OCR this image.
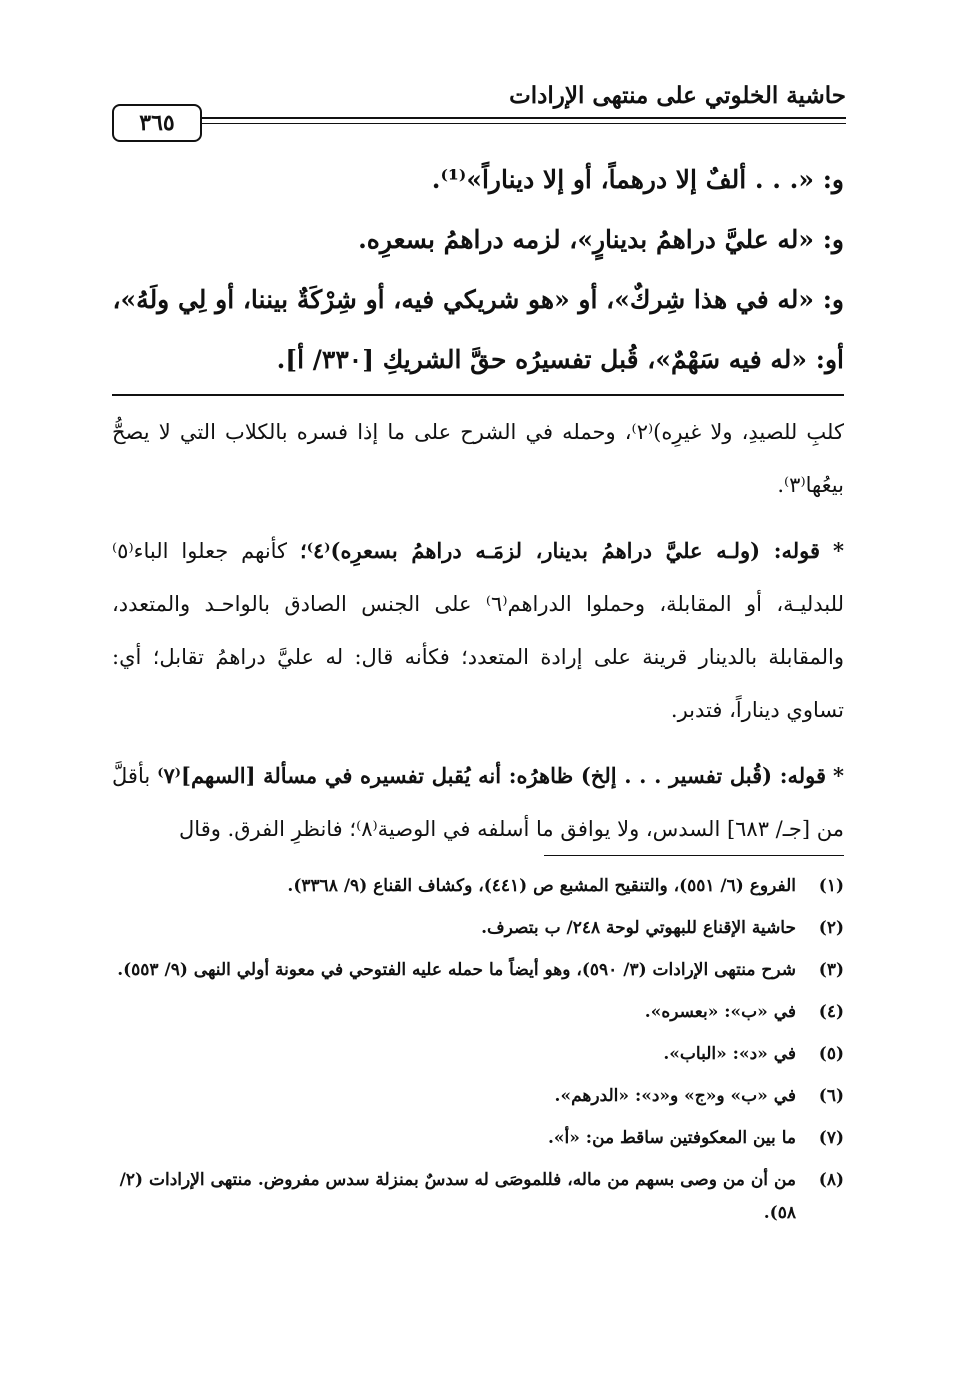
حاشية الخلوتي على منتهى الإرادات
٣٦٥

و: «. . . ألفٌ إلا درهماً، أو إلا ديناراً»⁽¹⁾.

و: «له عليَّ دراهمُ بدينارٍ»، لزمه دراهمُ بسعرِه.

و: «له في هذا شِركٌ»، أو «هو شريكي فيه، أو شِرْكَةٌ بيننا، أو لِي ولَهُ»، أو: «له فيه سَهْمٌ»، قُبل تفسيرُه حقَّ الشريكِ [٣٣٠/ أ].

كلبِ للصيدِ، ولا غيرِه)⁽٢⁾، وحمله في الشرح على ما إذا فسره بالكلاب التي لا يصحُّ بيعُها⁽٣⁾.

* قوله: (ولـه عليَّ دراهمُ بدينار، لزمَـه دراهمُ بسعرِه)⁽٤⁾؛ كأنهم جعلوا الباء⁽٥⁾ للبدليـة، أو المقابلة، وحملوا الدراهم⁽٦⁾ على الجنس الصادق بالواحـد والمتعدد، والمقابلة بالدينار قرينة على إرادة المتعدد؛ فكأنه قال: له عليَّ دراهمُ تقابل؛ أي: تساوي ديناراً، فتدبر.

* قوله: (قُبل تفسير . . . إلخ) ظاهرُه: أنه يُقبل تفسيره في مسألة [السهم]⁽٧⁾ بأقلَّ من [جـ/ ٦٨٣] السدس، ولا يوافق ما أسلفه في الوصية⁽٨⁾؛ فانظرِ الفرق. وقال

(١)
الفروع (٦/ ٥٥١)، والتنقيح المشبع ص (٤٤١)، وكشاف القناع (٩/ ٣٣٦٨).
(٢)
حاشية الإقناع للبهوتي لوحة ٢٤٨/ ب بتصرف.
(٣)
شرح منتهى الإرادات (٣/ ٥٩٠)، وهو أيضاً ما حمله عليه الفتوحي في معونة أولي النهى (٩/ ٥٥٣).
(٤)
في «ب»: «بعسره».
(٥)
في «د»: «الباب».
(٦)
في «ب» و«ج» و«د»: «الدرهم».
(٧)
ما بين المعكوفتين ساقط من: «أ».
(٨)
من أن من وصى بسهم من ماله، فللموصَى له سدسٌ بمنزلة سدس مفروض. منتهى الإرادات (٢/ ٥٨).
